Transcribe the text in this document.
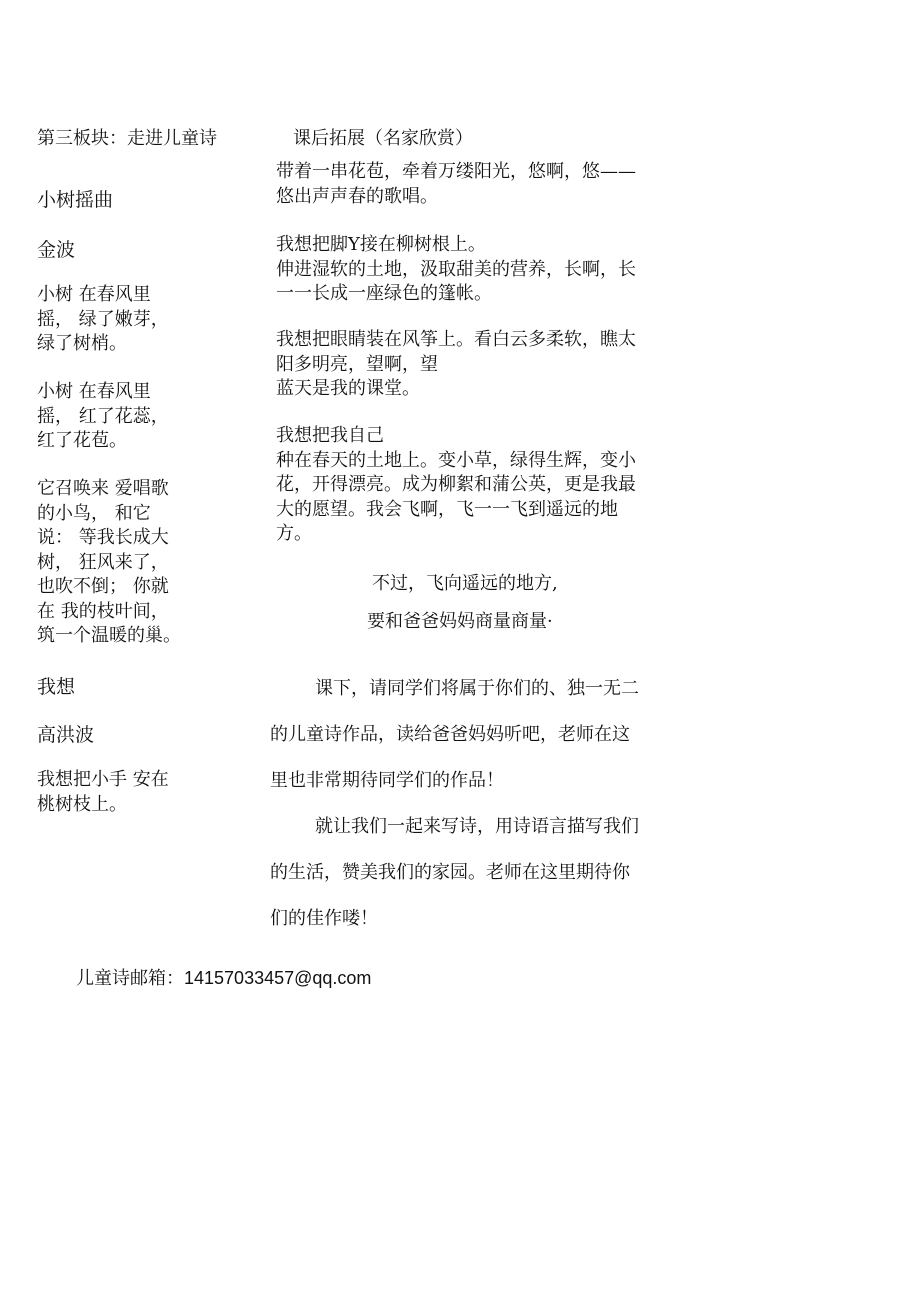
第三板块：走进儿童诗	课后拓展（名家欣赏）
小树摇曲
金波
小树 在春风里
摇， 绿了嫩芽，
绿了树梢。
小树 在春风里
摇， 红了花蕊，
红了花苞。
它召唤来 爱唱歌
的小鸟， 和它
说： 等我长成大
树， 狂风来了，
也吹不倒； 你就
在 我的枝叶间，
筑一个温暖的巢。
我想
高洪波
我想把小手 安在
桃树枝上。
带着一串花苞，牵着万缕阳光，悠啊，悠——
悠出声声春的歌唱。
我想把脚Y接在柳树根上。
伸进湿软的土地，汲取甜美的营养，长啊，长
一一长成一座绿色的篷帐。
我想把眼睛装在风筝上。看白云多柔软，瞧太
阳多明亮，望啊，望
蓝天是我的课堂。
我想把我自己
种在春天的土地上。变小草，绿得生辉，变小
花，开得漂亮。成为柳絮和蒲公英，更是我最
大的愿望。我会飞啊，飞一一飞到遥远的地
方。
不过，飞向遥远的地方,
要和爸爸妈妈商量商量·
课下，请同学们将属于你们的、独一无二
的儿童诗作品，读给爸爸妈妈听吧，老师在这
里也非常期待同学们的作品！
就让我们一起来写诗，用诗语言描写我们
的生活，赞美我们的家园。老师在这里期待你
们的佳作喽！
儿童诗邮箱：14157033457@qq.com
